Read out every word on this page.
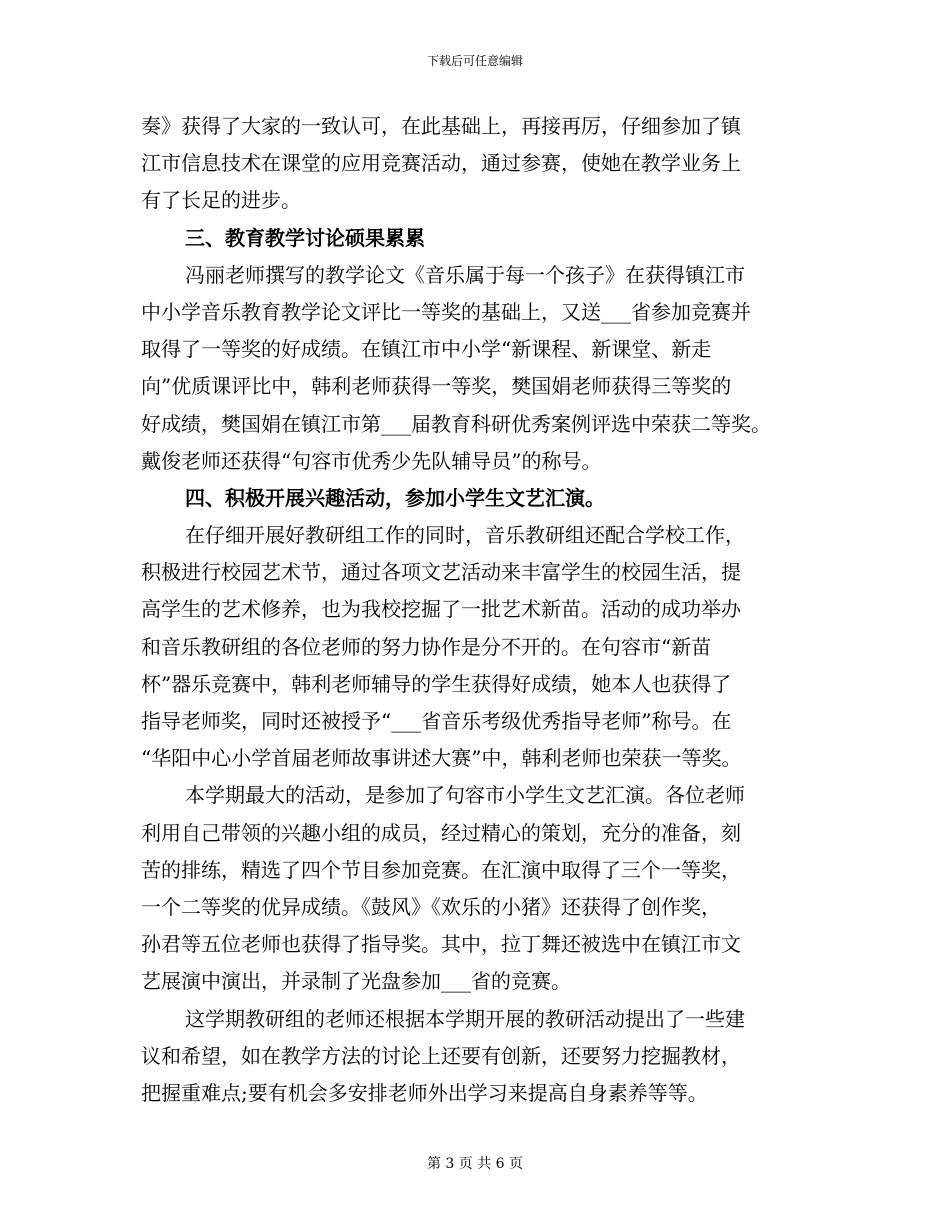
下载后可任意编辑
奏》获得了大家的一致认可，在此基础上，再接再厉，仔细参加了镇
江市信息技术在课堂的应用竞赛活动，通过参赛，使她在教学业务上
有了长足的进步。
三、教育教学讨论硕果累累
冯丽老师撰写的教学论文《音乐属于每一个孩子》在获得镇江市
中小学音乐教育教学论文评比一等奖的基础上，又送___省参加竞赛并
取得了一等奖的好成绩。在镇江市中小学“新课程、新课堂、新走
向”优质课评比中，韩利老师获得一等奖，樊国娟老师获得三等奖的
好成绩，樊国娟在镇江市第___届教育科研优秀案例评选中荣获二等奖。
戴俊老师还获得“句容市优秀少先队辅导员”的称号。
四、积极开展兴趣活动，参加小学生文艺汇演。
在仔细开展好教研组工作的同时，音乐教研组还配合学校工作，
积极进行校园艺术节，通过各项文艺活动来丰富学生的校园生活，提
高学生的艺术修养，也为我校挖掘了一批艺术新苗。活动的成功举办
和音乐教研组的各位老师的努力协作是分不开的。在句容市“新苗
杯”器乐竞赛中，韩利老师辅导的学生获得好成绩，她本人也获得了
指导老师奖，同时还被授予“___省音乐考级优秀指导老师”称号。在
“华阳中心小学首届老师故事讲述大赛”中，韩利老师也荣获一等奖。
本学期最大的活动，是参加了句容市小学生文艺汇演。各位老师
利用自己带领的兴趣小组的成员，经过精心的策划，充分的准备，刻
苦的排练，精选了四个节目参加竞赛。在汇演中取得了三个一等奖，
一个二等奖的优异成绩。《鼓风》《欢乐的小猪》还获得了创作奖，
孙君等五位老师也获得了指导奖。其中，拉丁舞还被选中在镇江市文
艺展演中演出，并录制了光盘参加___省的竞赛。
这学期教研组的老师还根据本学期开展的教研活动提出了一些建
议和希望，如在教学方法的讨论上还要有创新，还要努力挖掘教材，
把握重难点;要有机会多安排老师外出学习来提高自身素养等等。
第 3 页 共 6 页
